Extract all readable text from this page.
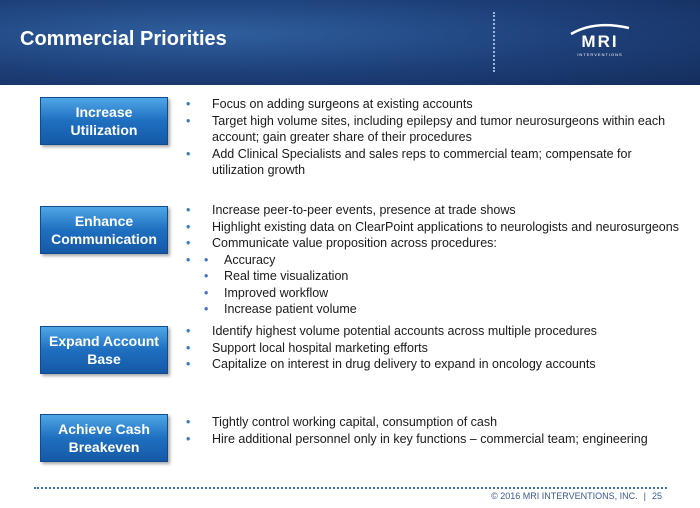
Commercial Priorities	MRI
INTERVENTIONS
Increase
Utilization
• Focus on adding surgeons at existing accounts
• Target high volume sites, including epilepsy and tumor neurosurgeons within each account; gain greater share of their procedures
• Add Clinical Specialists and sales reps to commercial team; compensate for utilization growth
Enhance
Communication
• Increase peer-to-peer events, presence at trade shows
• Highlight existing data on ClearPoint applications to neurologists and neurosurgeons
• Communicate value proposition across procedures:
• • Accuracy
• Real time visualization
• Improved workflow
• Increase patient volume
Expand Account
Base
• Identify highest volume potential accounts across multiple procedures
• Support local hospital marketing efforts
• Capitalize on interest in drug delivery to expand in oncology accounts
Achieve Cash
Breakeven
• Tightly control working capital, consumption of cash
• Hire additional personnel only in key functions – commercial team; engineering
© 2016 MRI INTERVENTIONS, INC. | 25
